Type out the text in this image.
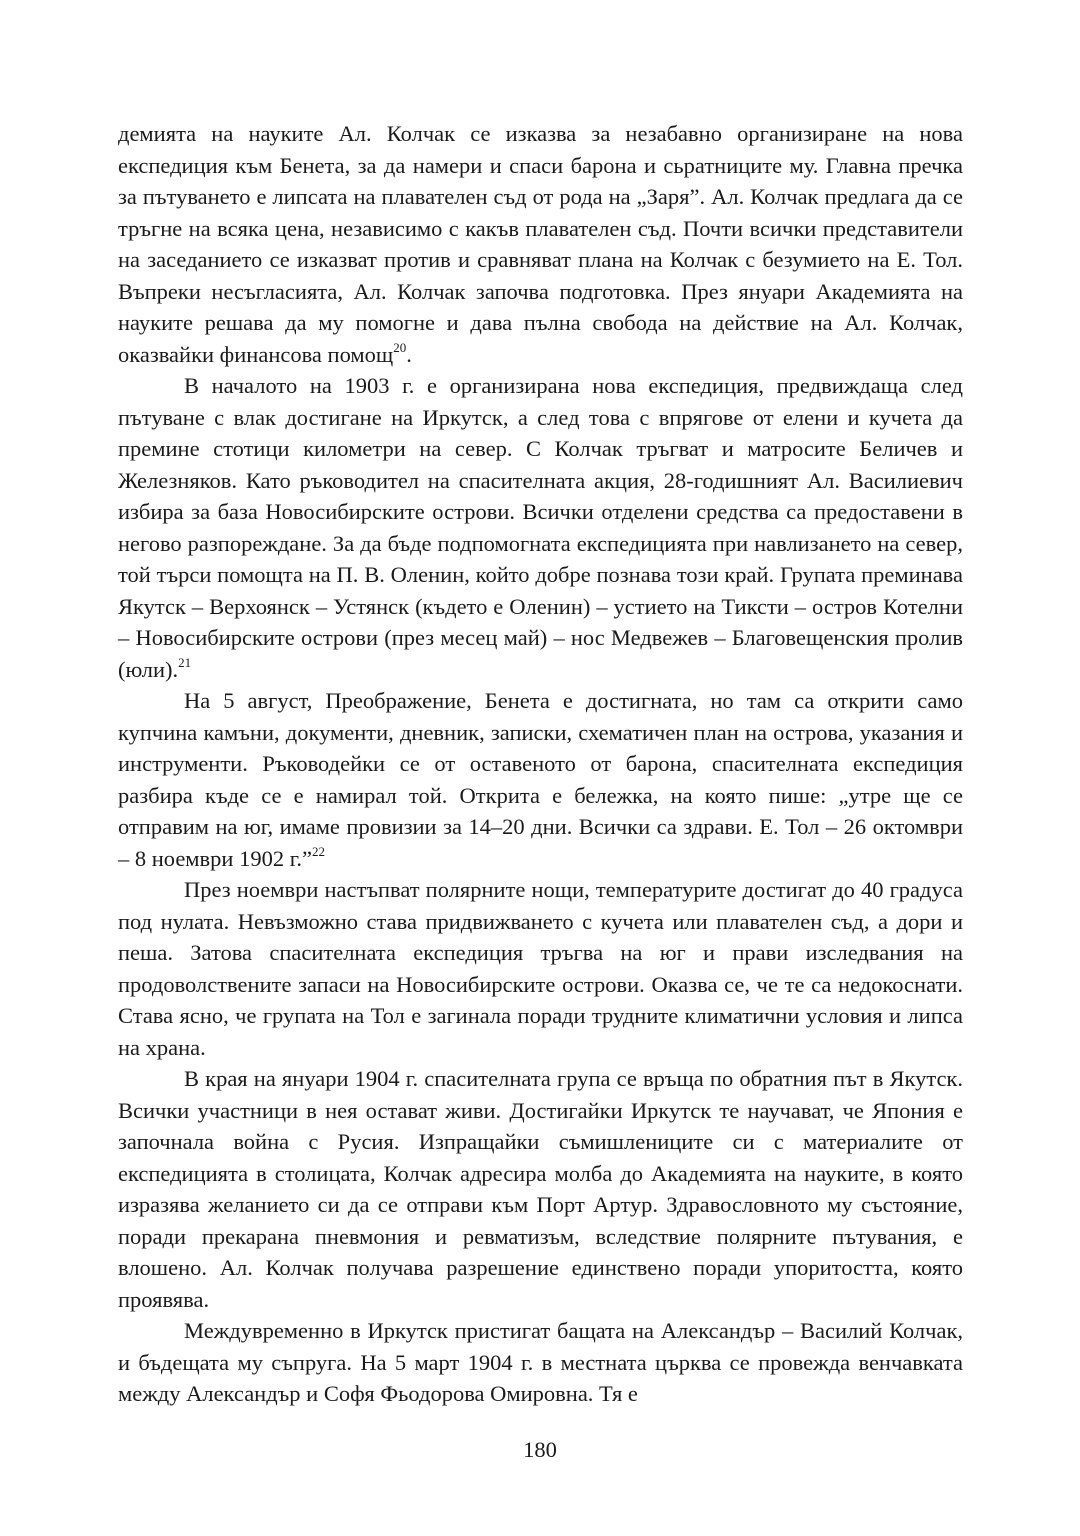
демията на науките Ал. Колчак се изказва за незабавно организиране на нова експедиция към Бенета, за да намери и спаси барона и сьратниците му. Главна пречка за пътуването е липсата на плавателен съд от рода на „Заря”. Ал. Колчак предлага да се тръгне на всяка цена, независимо с какъв плавателен съд. Почти всички представители на заседанието се изказват против и сравняват плана на Колчак с безумието на Е. Тол. Въпреки несъгласията, Ал. Колчак започва подготовка. През януари Академията на науките решава да му помогне и дава пълна свобода на действие на Ал. Колчак, оказвайки финансова помощ$^{20}$.

В началото на 1903 г. е организирана нова експедиция, предвиждаща след пътуване с влак достигане на Иркутск, а след това с впрягове от елени и кучета да премине стотици километри на север. С Колчак тръгват и матросите Беличев и Железняков. Като ръководител на спасителната акция, 28-годишният Ал. Василиевич избира за база Новосибирските острови. Всички отделени средства са предоставени в негово разпореждане. За да бъде подпомогната експедицията при навлизането на север, той търси помощта на П. В. Оленин, който добре познава този край. Групата преминава Якутск – Верхоянск – Устянск (където е Оленин) – устието на Тиксти – остров Котелни – Новосибирските острови (през месец май) – нос Медвежев – Благовещенския пролив (юли).$^{21}$

На 5 август, Преображение, Бенета е достигната, но там са открити само купчина камъни, документи, дневник, записки, схематичен план на острова, указания и инструменти. Ръководейки се от оставеното от барона, спасителната експедиция разбира къде се е намирал той. Открита е бележка, на която пише: „утре ще се отправим на юг, имаме провизии за 14–20 дни. Всички са здрави. Е. Тол – 26 октомври – 8 ноември 1902 г.”$^{22}$

През ноември настъпват полярните нощи, температурите достигат до 40 градуса под нулата. Невъзможно става придвижването с кучета или плавателен съд, а дори и пеша. Затова спасителната експедиция тръгва на юг и прави изследвания на продоволствените запаси на Новосибирските острови. Оказва се, че те са недокоснати. Става ясно, че групата на Тол е загинала поради трудните климатични условия и липса на храна.

В края на януари 1904 г. спасителната група се връща по обратния път в Якутск. Всички участници в нея остават живи. Достигайки Иркутск те научават, че Япония е започнала война с Русия. Изпращайки съмишлениците си с материалите от експедицията в столицата, Колчак адресира молба до Академията на науките, в която изразява желанието си да се отправи към Порт Артур. Здравословното му състояние, поради прекарана пневмония и ревматизъм, вследствие полярните пътувания, е влошено. Ал. Колчак получава разрешение единствено поради упоритостта, която проявява.

Междувременно в Иркутск пристигат бащата на Александър – Василий Колчак, и бъдещата му съпруга. На 5 март 1904 г. в местната църква се провежда венчавката между Александър и Софя Фьодорова Омировна. Тя е

180
